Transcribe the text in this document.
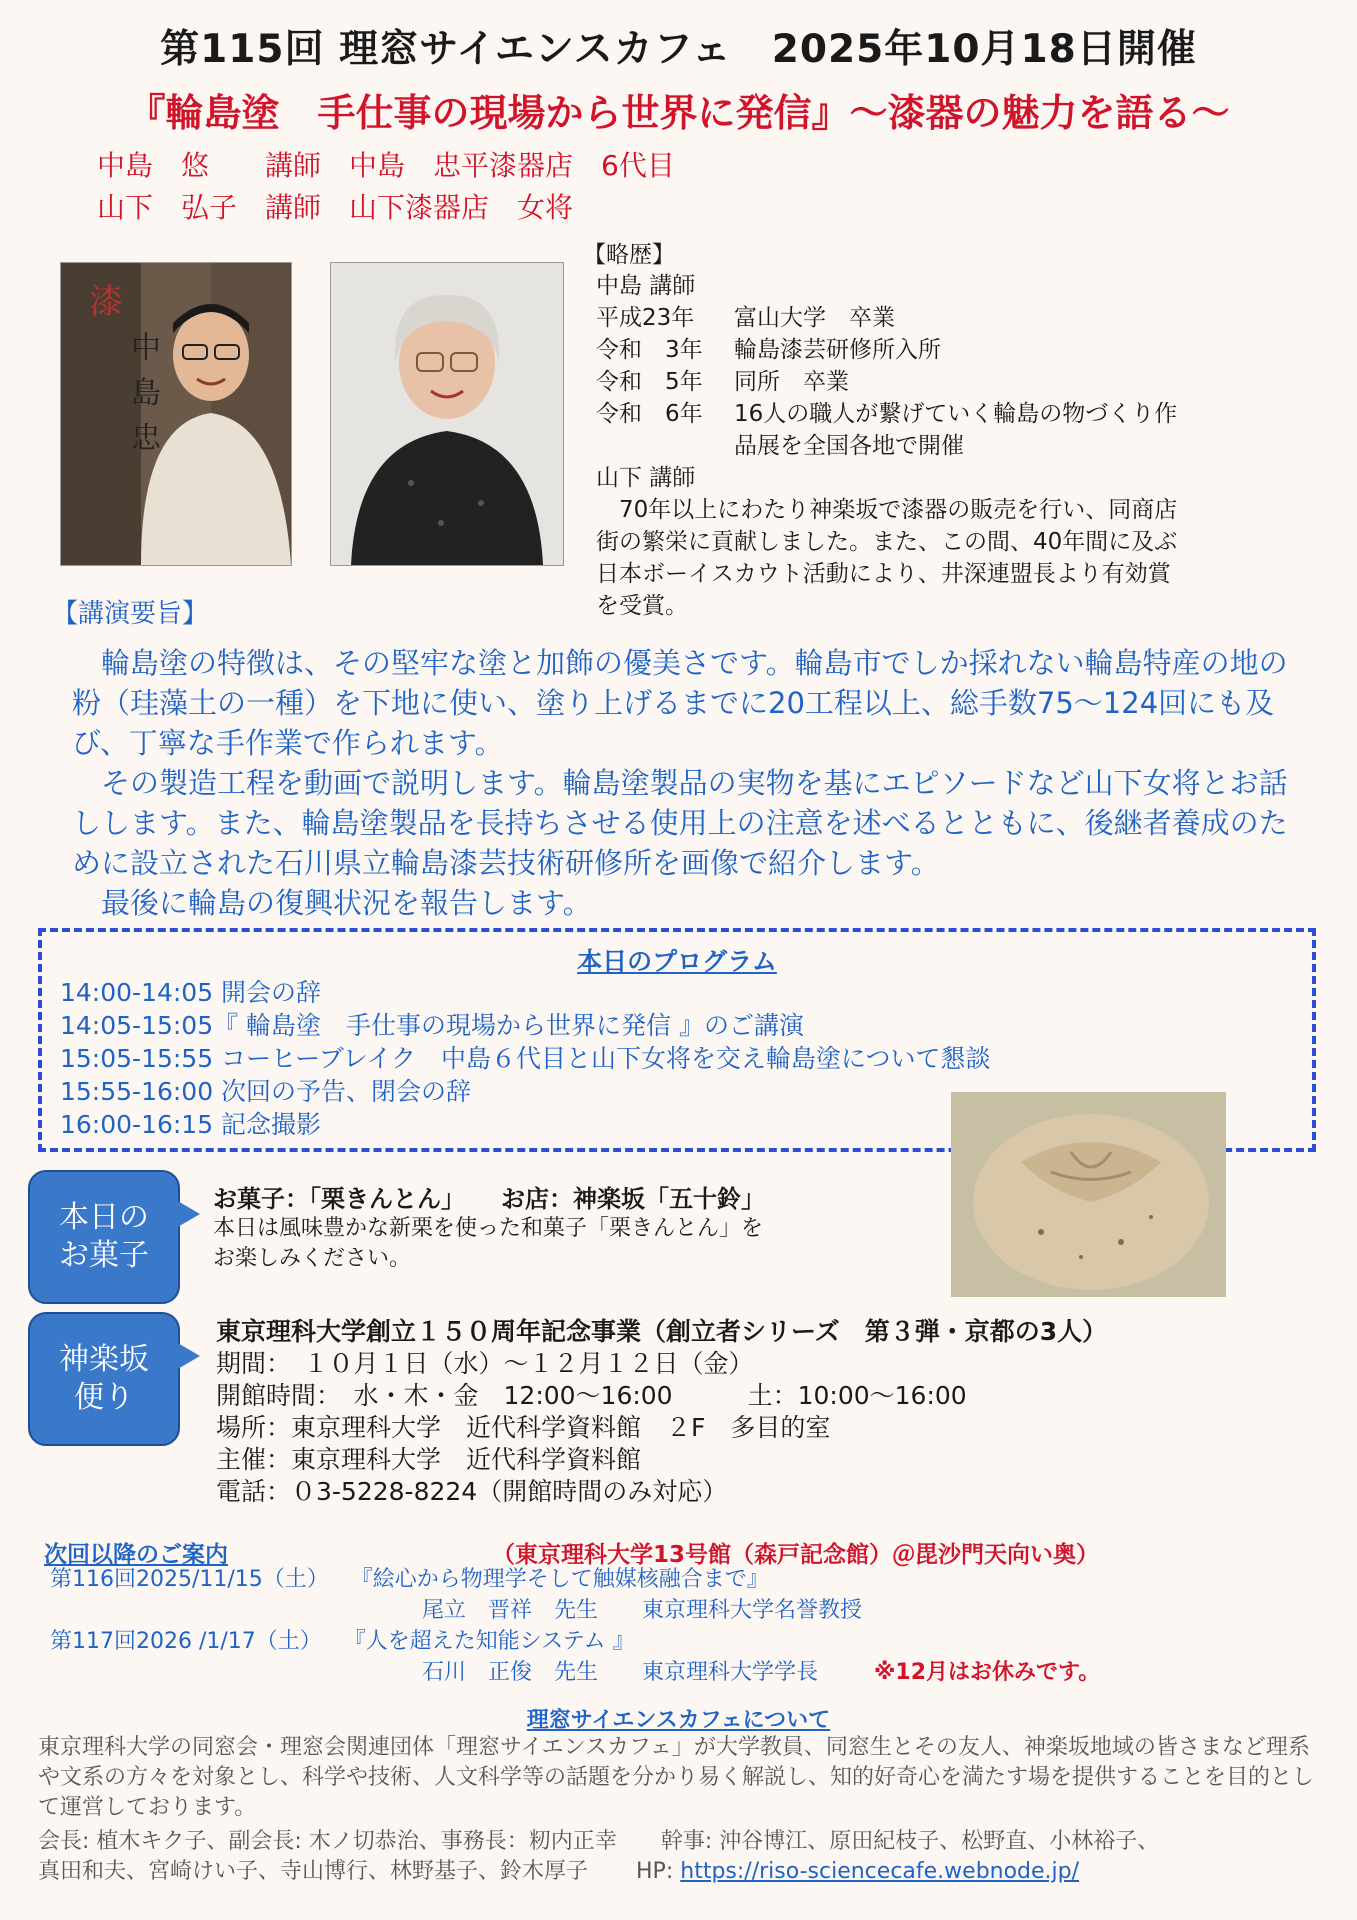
第115回 理窓サイエンスカフェ　2025年10月18日開催
『輪島塗　手仕事の現場から世界に発信』～漆器の魅力を語る～
中島　悠　　講師　中島　忠平漆器店　6代目
山下　弘子　講師　山下漆器店　女将
漆
中
島
忠
【略歴】
中島 講師
平成23年	富山大学　卒業
令和　3年	輪島漆芸研修所入所
令和　5年	同所　卒業
令和　6年	16人の職人が繋げていく輪島の物づくり作
品展を全国各地で開催
山下 講師
　70年以上にわたり神楽坂で漆器の販売を行い、同商店
街の繁栄に貢献しました。また、この間、40年間に及ぶ
日本ボーイスカウト活動により、井深連盟長より有効賞
を受賞。
【講演要旨】

輪島塗の特徴は、その堅牢な塗と加飾の優美さです。輪島市でしか採れない輪島特産の地の粉（珪藻土の一種）を下地に使い、塗り上げるまでに20工程以上、総手数75～124回にも及び、丁寧な手作業で作られます。

その製造工程を動画で説明します。輪島塗製品の実物を基にエピソードなど山下女将とお話しします。また、輪島塗製品を長持ちさせる使用上の注意を述べるとともに、後継者養成のために設立された石川県立輪島漆芸技術研修所を画像で紹介します。

最後に輪島の復興状況を報告します。

本日のプログラム
14:00-14:05 開会の辞
14:05-15:05『 輪島塗　手仕事の現場から世界に発信 』のご講演
15:05-15:55 コーヒーブレイク　中島６代目と山下女将を交え輪島塗について懇談
15:55-16:00 次回の予告、閉会の辞
16:00-16:15 記念撮影
本日の
お菓子
お菓子：「栗きんとん」　　お店：神楽坂「五十鈴」
本日は風味豊かな新栗を使った和菓子「栗きんとん」を
お楽しみください。
神楽坂
便り
東京理科大学創立１５０周年記念事業（創立者シリーズ　第３弾・京都の3人）
期間：　１０月１日（水）～１２月１２日（金）
開館時間：　水・木・金　12:00～16:00　　　土：10:00～16:00
場所：東京理科大学　近代科学資料館　２F　多目的室
主催：東京理科大学　近代科学資料館
電話：０3-5228-8224（開館時間のみ対応）
次回以降のご案内	（東京理科大学13号館（森戸記念館）＠毘沙門天向い奥）
第116回2025/11/15（土） 『絵心から物理学そして触媒核融合まで』
尾立　晋祥　先生　　東京理科大学名誉教授
第117回2026 /1/17（土） 『人を超えた知能システム 』
石川　正俊　先生　　東京理科大学学長	※12月はお休みです。
理窓サイエンスカフェについて
東京理科大学の同窓会・理窓会関連団体「理窓サイエンスカフェ」が大学教員、同窓生とその友人、神楽坂地域の皆さまなど理系や文系の方々を対象とし、科学や技術、人文科学等の話題を分かり易く解説し、知的好奇心を満たす場を提供することを目的として運営しております。
会長: 植木キク子、副会長: 木ノ切恭治、事務長：籾内正幸　　幹事: 沖谷博江、原田紀枝子、松野直、小林裕子、
真田和夫、宮崎けい子、寺山博行、林野基子、鈴木厚子 HP: https://riso-sciencecafe.webnode.jp/
